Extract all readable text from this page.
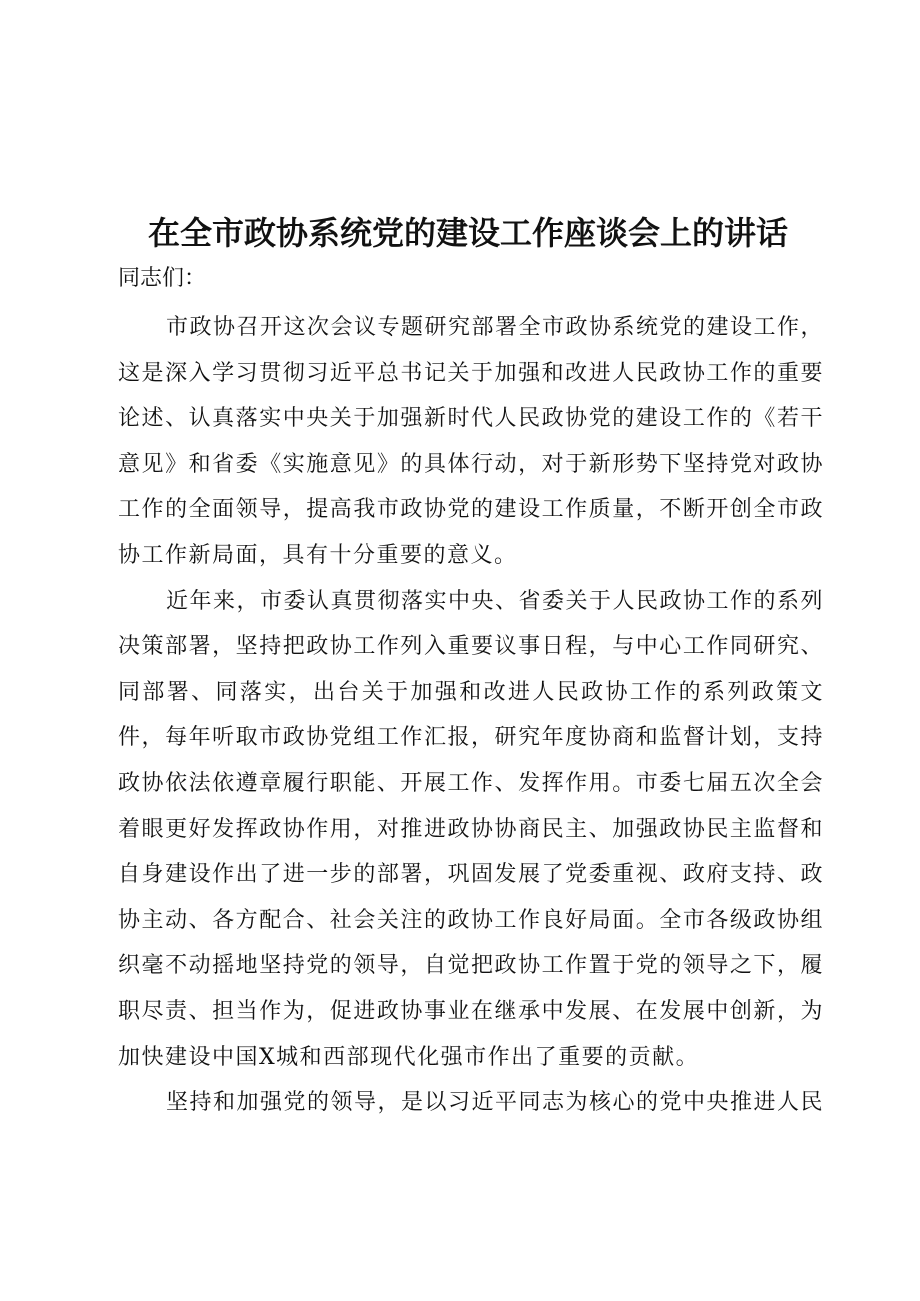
在全市政协系统党的建设工作座谈会上的讲话
同志们：

市政协召开这次会议专题研究部署全市政协系统党的建设工作，这是深入学习贯彻习近平总书记关于加强和改进人民政协工作的重要论述、认真落实中央关于加强新时代人民政协党的建设工作的《若干意见》和省委《实施意见》的具体行动，对于新形势下坚持党对政协工作的全面领导，提高我市政协党的建设工作质量，不断开创全市政协工作新局面，具有十分重要的意义。

近年来，市委认真贯彻落实中央、省委关于人民政协工作的系列决策部署，坚持把政协工作列入重要议事日程，与中心工作同研究、同部署、同落实，出台关于加强和改进人民政协工作的系列政策文件，每年听取市政协党组工作汇报，研究年度协商和监督计划，支持政协依法依遵章履行职能、开展工作、发挥作用。市委七届五次全会着眼更好发挥政协作用，对推进政协协商民主、加强政协民主监督和自身建设作出了进一步的部署，巩固发展了党委重视、政府支持、政协主动、各方配合、社会关注的政协工作良好局面。全市各级政协组织毫不动摇地坚持党的领导，自觉把政协工作置于党的领导之下，履职尽责、担当作为，促进政协事业在继承中发展、在发展中创新，为加快建设中国X城和西部现代化强市作出了重要的贡献。

坚持和加强党的领导，是以习近平同志为核心的党中央推进人民
